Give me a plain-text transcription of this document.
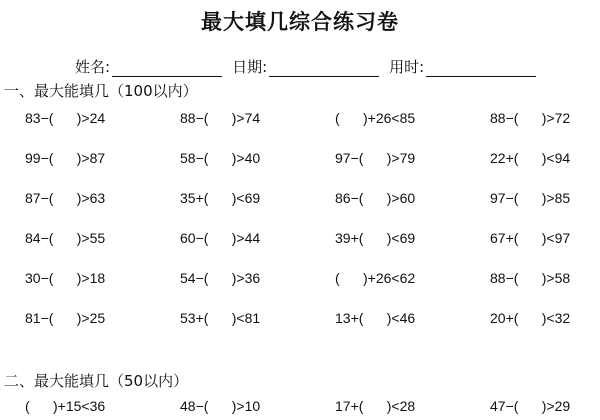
最大填几综合练习卷
姓名:	日期:	用时:
一、最大能填几（100以内）
83−(      )>24	88−(      )>74	(      )+26<85	88−(      )>72
99−(      )>87	58−(      )>40	97−(      )>79	22+(      )<94
87−(      )>63	35+(      )<69	86−(      )>60	97−(      )>85
84−(      )>55	60−(      )>44	39+(      )<69	67+(      )<97
30−(      )>18	54−(      )>36	(      )+26<62	88−(      )>58
81−(      )>25	53+(      )<81	13+(      )<46	20+(      )<32
二、最大能填几（50以内）
(      )+15<36	48−(      )>10	17+(      )<28	47−(      )>29
